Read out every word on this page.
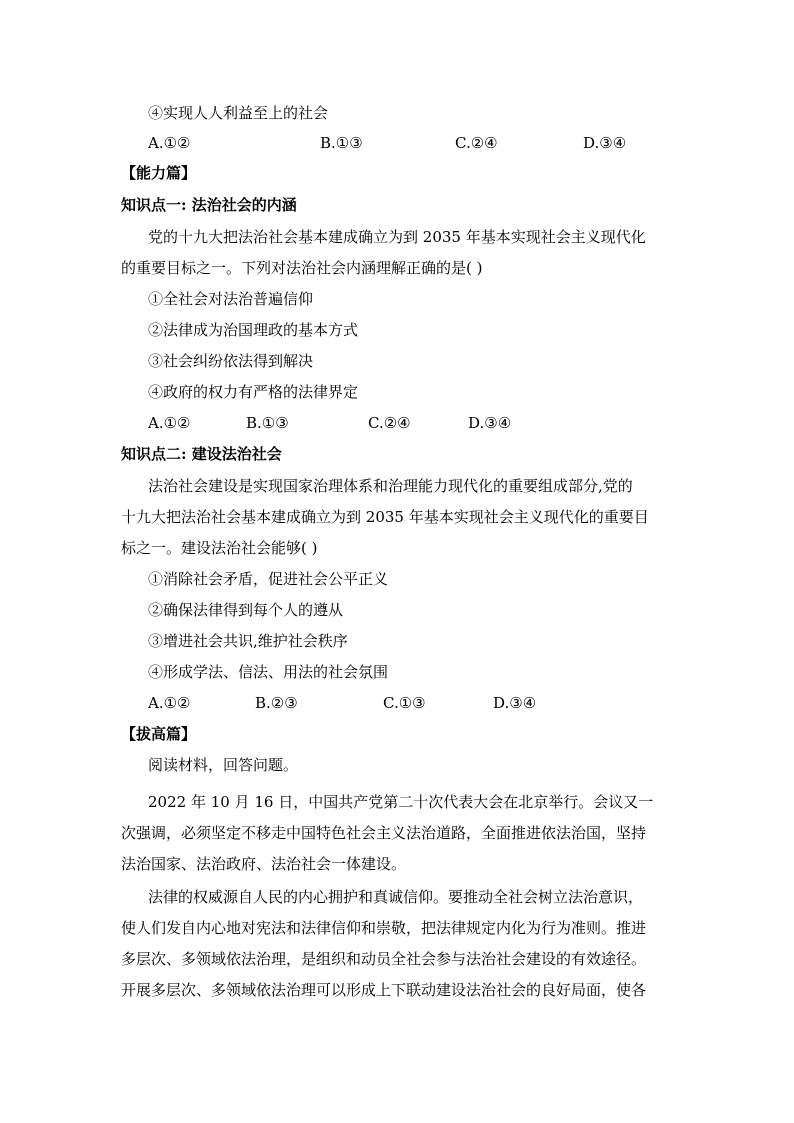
④实现人人利益至上的社会
A.①②	B.①③	C.②④	D.③④
【能力篇】
知识点一: 法治社会的内涵
党的十九大把法治社会基本建成确立为到 2035 年基本实现社会主义现代化
的重要目标之一。下列对法治社会内涵理解正确的是( )
①全社会对法治普遍信仰
②法律成为治国理政的基本方式
③社会纠纷依法得到解决
④政府的权力有严格的法律界定
A.①②	B.①③	C.②④	D.③④
知识点二: 建设法治社会
法治社会建设是实现国家治理体系和治理能力现代化的重要组成部分,党的
十九大把法治社会基本建成确立为到 2035 年基本实现社会主义现代化的重要目
标之一。建设法治社会能够( )
①消除社会矛盾，促进社会公平正义
②确保法律得到每个人的遵从
③增进社会共识,维护社会秩序
④形成学法、信法、用法的社会氛围
A.①②	B.②③	C.①③	D.③④
【拔高篇】
阅读材料，回答问题。
2022 年 10 月 16 日，中国共产党第二十次代表大会在北京举行。会议又一
次强调，必须坚定不移走中国特色社会主义法治道路，全面推进依法治国，坚持
法治国家、法治政府、法治社会一体建设。
法律的权威源自人民的内心拥护和真诚信仰。要推动全社会树立法治意识，
使人们发自内心地对宪法和法律信仰和崇敬，把法律规定内化为行为准则。推进
多层次、多领域依法治理，是组织和动员全社会参与法治社会建设的有效途径。
开展多层次、多领域依法治理可以形成上下联动建设法治社会的良好局面，使各
